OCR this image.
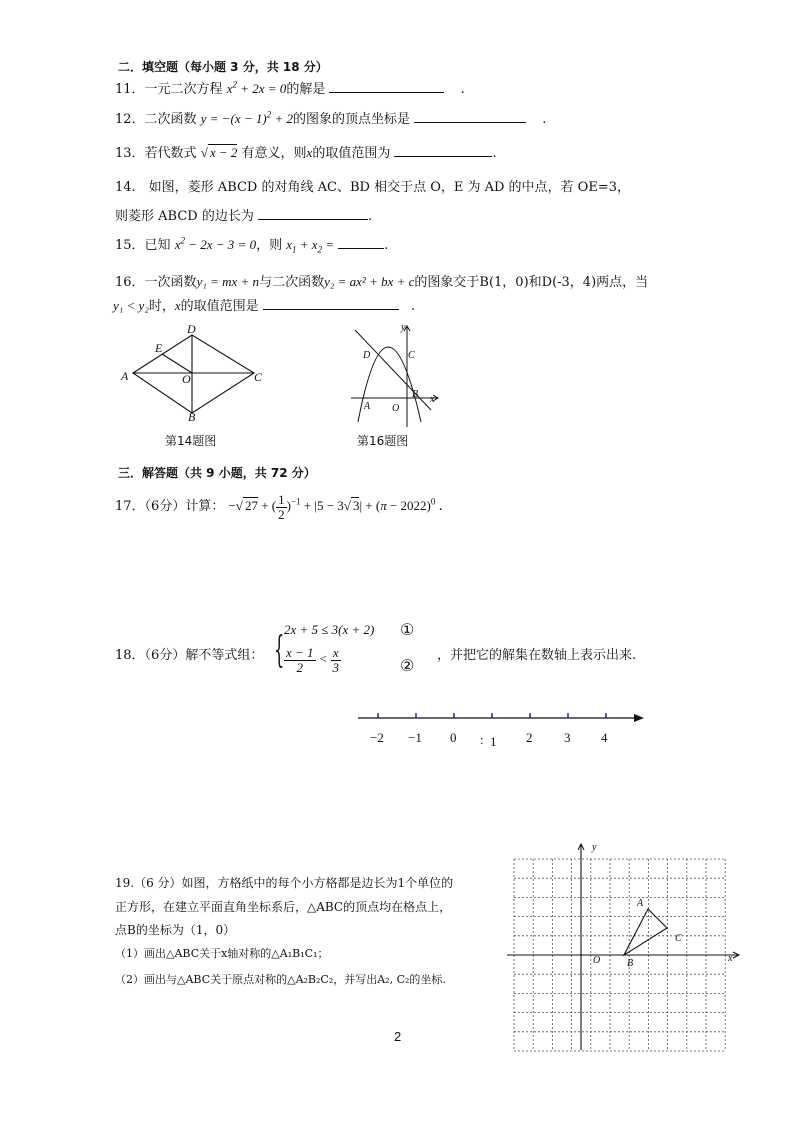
二．填空题（每小题 3 分，共 18 分）
11．一元二次方程 $x^2 + 2x = 0$的解是	.
12．二次函数 $y = -(x - 1)^2 + 2$的图象的顶点坐标是	.
13．若代数式 √ x − 2 有意义，则x的取值范围为	.
14.　如图，菱形 ABCD 的对角线 AC、BD 相交于点 O，E 为 AD 的中点，若 OE=3，
则菱形 ABCD 的边长为	.
15．已知 $x^2 - 2x - 3 = 0$，则 $x_1 + x_2$ =	.
16．一次函数y₁ = mx + n与二次函数y₂ = ax² + bx + c的图象交于B(1，0)和D(-3，4)两点，当
y₁ < y₂时，x的取值范围是	.
D
E
A	O	C
B
第14题图
y
D	C
B
A O
x
第16题图
三．解答题（共 9 小题，共 72 分）
17．（6分）计算： −√ 27 + ( $\frac{1}{2} )^{-1} + |5 - 3√$ $3| + (\pi - 2022)^0$ .
18．（6分）解不等式组： {
2x + 5 ≤ 3(x + 2) ①
$\frac{x - 1}{2} < \frac{x}{3}$	②
，并把它的解集在数轴上表示出来.
−2 −1 0 : 1 2 3 4
19.（6 分）如图，方格纸中的每个小方格都是边长为1个单位的
正方形，在建立平面直角坐标系后，△ABC的顶点均在格点上，
点B的坐标为（1，0）
（1）画出△ABC关于x轴对称的△A₁B₁C₁；
（2）画出与△ABC关于原点对称的△A₂B₂C₂，并写出A₂, C₂的坐标.
y
A
C
O	B	x
2
